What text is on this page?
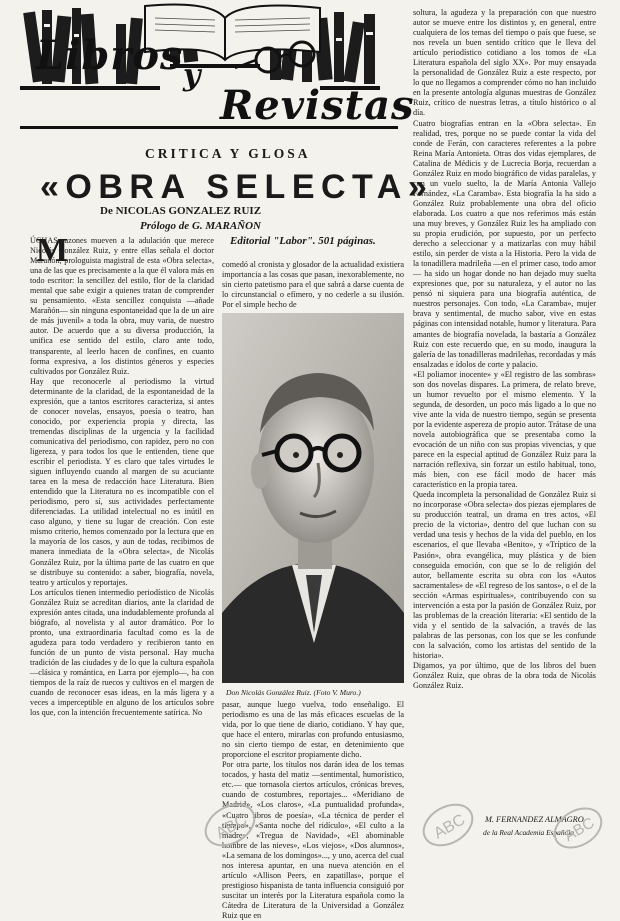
Libros y
Revistas
CRITICA Y GLOSA
«OBRA SELECTA»
De NICOLAS GONZALEZ RUIZ
Prólogo de G. MARAÑON
Editorial "Labor". 501 páginas.
M
ÚCHAS razones mueven a la adulación que merece Nicolás González Ruiz, y entre ellas señala el doctor Marañón, prologuista magistral de esta «Obra selecta», una de las que es precisamente a la que él valora más en todo escritor: la sencillez del estilo, flor de la claridad mental que sabe exigir a quienes tratan de comprender su pensamiento. «Esta sencillez conquista —añade Marañón— sin ninguna espontaneidad que la de un aire de más juvenil» a toda la obra, muy varia, de nuestro autor. De acuerdo que a su diversa producción, la unifica ese sentido del estilo, claro ante todo, transparente, al leerlo hacen de confines, en cuanto forma expresiva, a los distintos géneros y especies cultivados por González Ruiz.
Hay que reconocerle al periodismo la virtud determinante de la claridad, de la espontaneidad de la expresión, que a tantos escritores caracteriza, si antes de conocer novelas, ensayos, poesía o teatro, han conocido, por experiencia propia y directa, las tremendas disciplinas de la urgencia y la facilidad comunicativa del periodismo, con rapidez, pero no con ligereza, y para todos los que le entienden, tiene que escribir el periodista. Y es claro que tales virtudes le siguen influyendo cuando al margen de su acuciante tarea en la mesa de redacción hace Literatura. Bien entendido que la Literatura no es incompatible con el periodismo, pero sí, sus actividades perfectamente diferenciadas. La utilidad intelectual no es inútil en caso alguno, y tiene su lugar de creación. Con este mismo criterio, hemos comenzado por la lectura que en la mayoría de los casos, y aun de todas, recibimos de manera inmediata de la «Obra selecta», de Nicolás González Ruiz, por la última parte de las cuatro en que se distribuye su contenido: a saber, biografía, novela, teatro y artículos y reportajes.
Los artículos tienen intermedio periodístico de Nicolás González Ruiz se acreditan diarios, ante la claridad de expresión antes citada, una indudablemente profunda al biógrafo, al novelista y al autor dramático. Por lo pronto, una extraordinaria facultad como es la de agudeza para todo verdadero y recibieron tanto en función de un punto de vista personal. Hay mucha tradición de las ciudades y de lo que la cultura española —clásica y romántica, en Larra por ejemplo—, ha con tiempos de la raíz de ruecos y cultivos en el margen de cuando de reconocer esas ideas, en la más ligera y a veces a imperceptible en alguno de los artículos sobre los que, con la intención frecuentemente satírica. No
comedó al cronista y glosador de la actualidad existiera importancia a las cosas que pasan, inexorablemente, no sin cierto patetismo para el que sabrá a darse cuenta de lo circunstancial o efímero, y no cederle a su ilusión. Por el simple hecho de
Don Nicolás González Ruiz. (Foto V. Muro.)
pasar, aunque luego vuelva, todo enseñaligo. El periodismo es una de las más eficaces escuelas de la vida, por lo que tiene de diario, cotidiano. Y hay que, que hace el entero, mirarlas con profundo entusiasmo, no sin cierto tiempo de estar, en detenimiento que proporcione el escritor propiamente dicho.
Por otra parte, los títulos nos darán idea de los temas tocados, y hasta del matiz —sentimental, humorístico, etc.— que tornasola ciertos artículos, crónicas breves, cuando de costumbres, reportajes... «Meridiano de Madrid», «Los claros», «La puntualidad profunda», «Cuatro libros de poesía», «La técnica de perder el tiempo», «Santa noche del ridículo», «El culto a la madre», «Tregua de Navidad», «El abominable hombre de las nieves», «Los viejos», «Dos alumnos», «La semana de los domingos»..., y uno, acerca del cual nos interesa apuntar, en una nueva atención en el artículo «Allison Peers, en zapatillas», porque el prestigioso hispanista de tanta influencia consiguió por suscitar un interés por la Literatura española como la Cátedra de Literatura de la Universidad a González Ruiz que en
soltura, la agudeza y la preparación con que nuestro autor se mueve entre los distintos y, en general, entre cualquiera de los temas del tiempo o país que fuese, se nos revela un buen sentido crítico que le lleva del artículo periodístico cotidiano a los tomos de «La Literatura española del siglo XX». Por muy ensayada la personalidad de González Ruiz a este respecto, por lo que no llegamos a comprender cómo no han incluido en la presente antología algunas muestras de González Ruiz, crítico de nuestras letras, a título histórico o al día.
Cuatro biografías entran en la «Obra selecta». En realidad, tres, porque no se puede contar la vida del conde de Ferán, con caracteres referentes a la pobre Reina María Antonieta. Otras dos vidas ejemplares, de Catalina de Médicis y de Lucrecia Borja, recuerdan a González Ruiz en modo biográfico de vidas paralelas, y con un vuelo suelto, la de María Antonia Vallejo Fernández, «La Caramba». Esta biografía la ha sido a González Ruiz probablemente una obra del oficio elaborada. Los cuatro a que nos referimos más están una muy breves, y González Ruiz les ha ampliado con su propia erudición, por supuesto, por un perfecto derecho a seleccionar y a matizarlas con muy hábil estilo, sin perder de vista a la Historia. Pero la vida de la tonadillera madrileña —en el primer caso, todo amor— ha sido un hogar donde no han dejado muy suelta expresiones que, por su naturaleza, y el autor no las pensó ni siquiera para una biografía auténtica, de nuestros personajes. Con todo, «La Caramba», mujer brava y sentimental, de mucho sabor, vive en estas páginas con intensidad notable, humor y literatura. Para amantes de biografía novelada, la bastaría a González Ruiz con este recuerdo que, en su modo, inaugura la galería de las tonadilleras madrileñas, recordadas y más ensalzadas e ídolos de corte y palacio.
«El poliamor inocente» y «El registro de las sombras» son dos novelas dispares. La primera, de relato breve, un humor revuelto por el mismo elemento. Y la segunda, de desorden, un poco más ligado a lo que no vive ante la vida de nuestro tiempo, según se presenta por la evidente aspereza de propio autor. Trátase de una novela autobiográfica que se presentaba como la evocación de un niño con sus propias vivencias, y que parece en la especial aptitud de González Ruiz para la narración reflexiva, sin forzar un estilo habitual, tono, más bien, con ese fácil modo de hacer más característico en la propia tarea.
Queda incompleta la personalidad de González Ruiz si no incorporase «Obra selecta» dos piezas ejemplares de su producción teatral, un drama en tres actos, «El precio de la victoria», dentro del que luchan con su verdad una tesis y hechos de la vida del pueblo, en los escenarios, el que llevaba «Benito», y «Tríptico de la Pasión», obra evangélica, muy plástica y de bien conseguida emoción, con que se lo de religión del autor, bellamente escrita su obra con los «Autos sacramentales» de «El regreso de los santos», o el de la sección «Armas espirituales», contribuyendo con su intervención a esta por la pasión de González Ruiz, por las problemas de la creación literaria: «El sentido de la vida y el sentido de la salvación, a través de las palabras de las personas, con los que se les confunde con la salvación, como los artistas del sentido de la historia».
Digamos, ya por último, que de los libros del buen González Ruiz, que obras de la obra toda de Nicolás González Ruiz.
M. FERNANDEZ ALMAGRO
de la Real Academia Española
ABC	ABC	ABC
